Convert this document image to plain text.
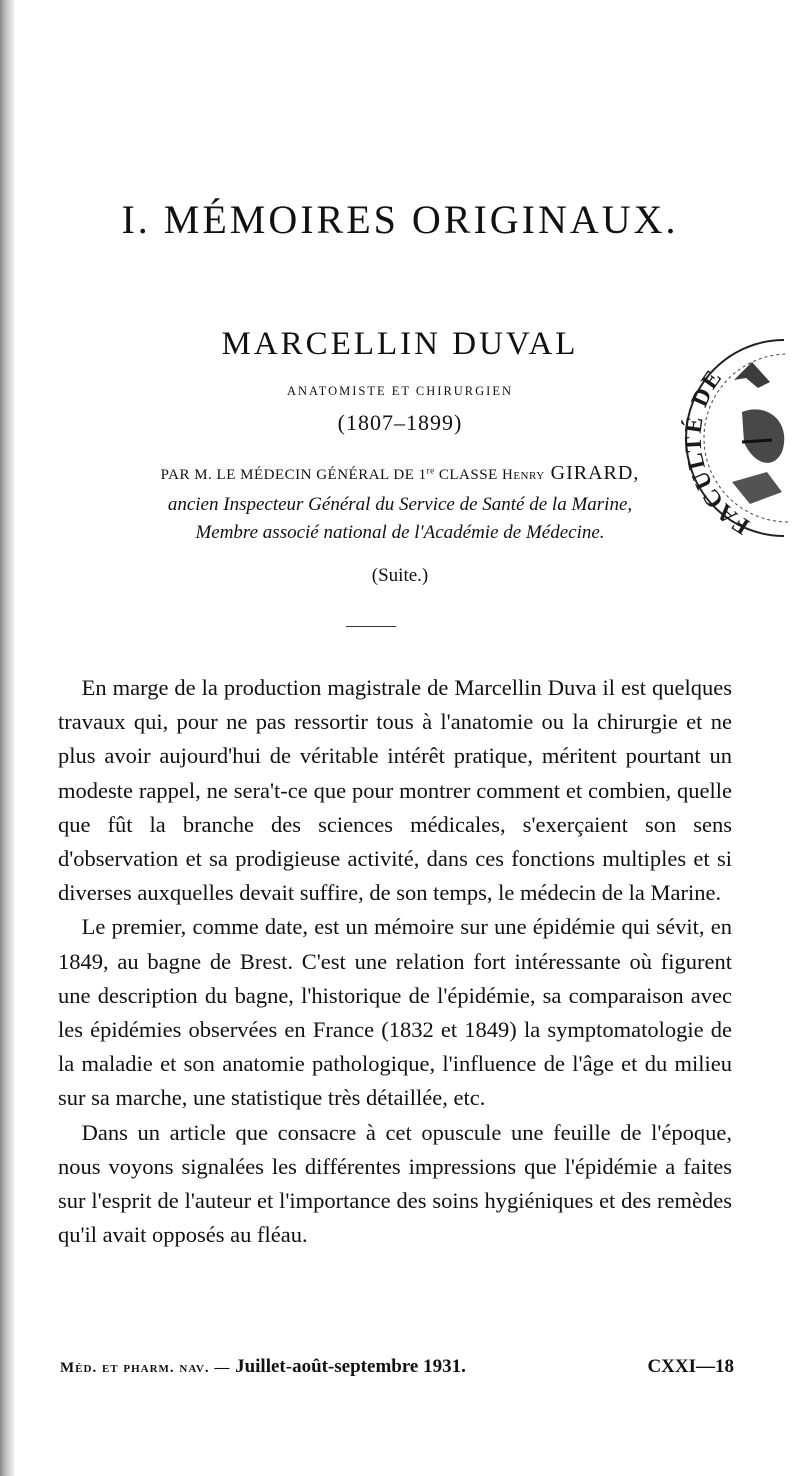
I. MÉMOIRES ORIGINAUX.
MARCELLIN DUVAL
ANATOMISTE ET CHIRURGIEN
(1807–1899)
PAR M. LE MÉDECIN GÉNÉRAL DE 1re CLASSE Henry GIRARD,
ancien Inspecteur Général du Service de Santé de la Marine,
Membre associé national de l'Académie de Médecine.
(Suite.)
FACULTÉ DE

En marge de la production magistrale de Marcellin Duva il est quelques travaux qui, pour ne pas ressortir tous à l'anatomie ou la chirurgie et ne plus avoir aujourd'hui de véritable intérêt pratique, méritent pourtant un modeste rappel, ne sera't-ce que pour montrer comment et combien, quelle que fût la branche des sciences médicales, s'exerçaient son sens d'observation et sa prodigieuse activité, dans ces fonctions multiples et si diverses auxquelles devait suffire, de son temps, le médecin de la Marine.

Le premier, comme date, est un mémoire sur une épidémie qui sévit, en 1849, au bagne de Brest. C'est une relation fort intéressante où figurent une description du bagne, l'historique de l'épidémie, sa comparaison avec les épidémies observées en France (1832 et 1849) la symptomatologie de la maladie et son anatomie pathologique, l'influence de l'âge et du milieu sur sa marche, une statistique très détaillée, etc.

Dans un article que consacre à cet opuscule une feuille de l'époque, nous voyons signalées les différentes impressions que l'épidémie a faites sur l'esprit de l'auteur et l'importance des soins hygiéniques et des remèdes qu'il avait opposés au fléau.

Méd. et pharm. nav. — Juillet-août-septembre 1931.	CXXI—18
